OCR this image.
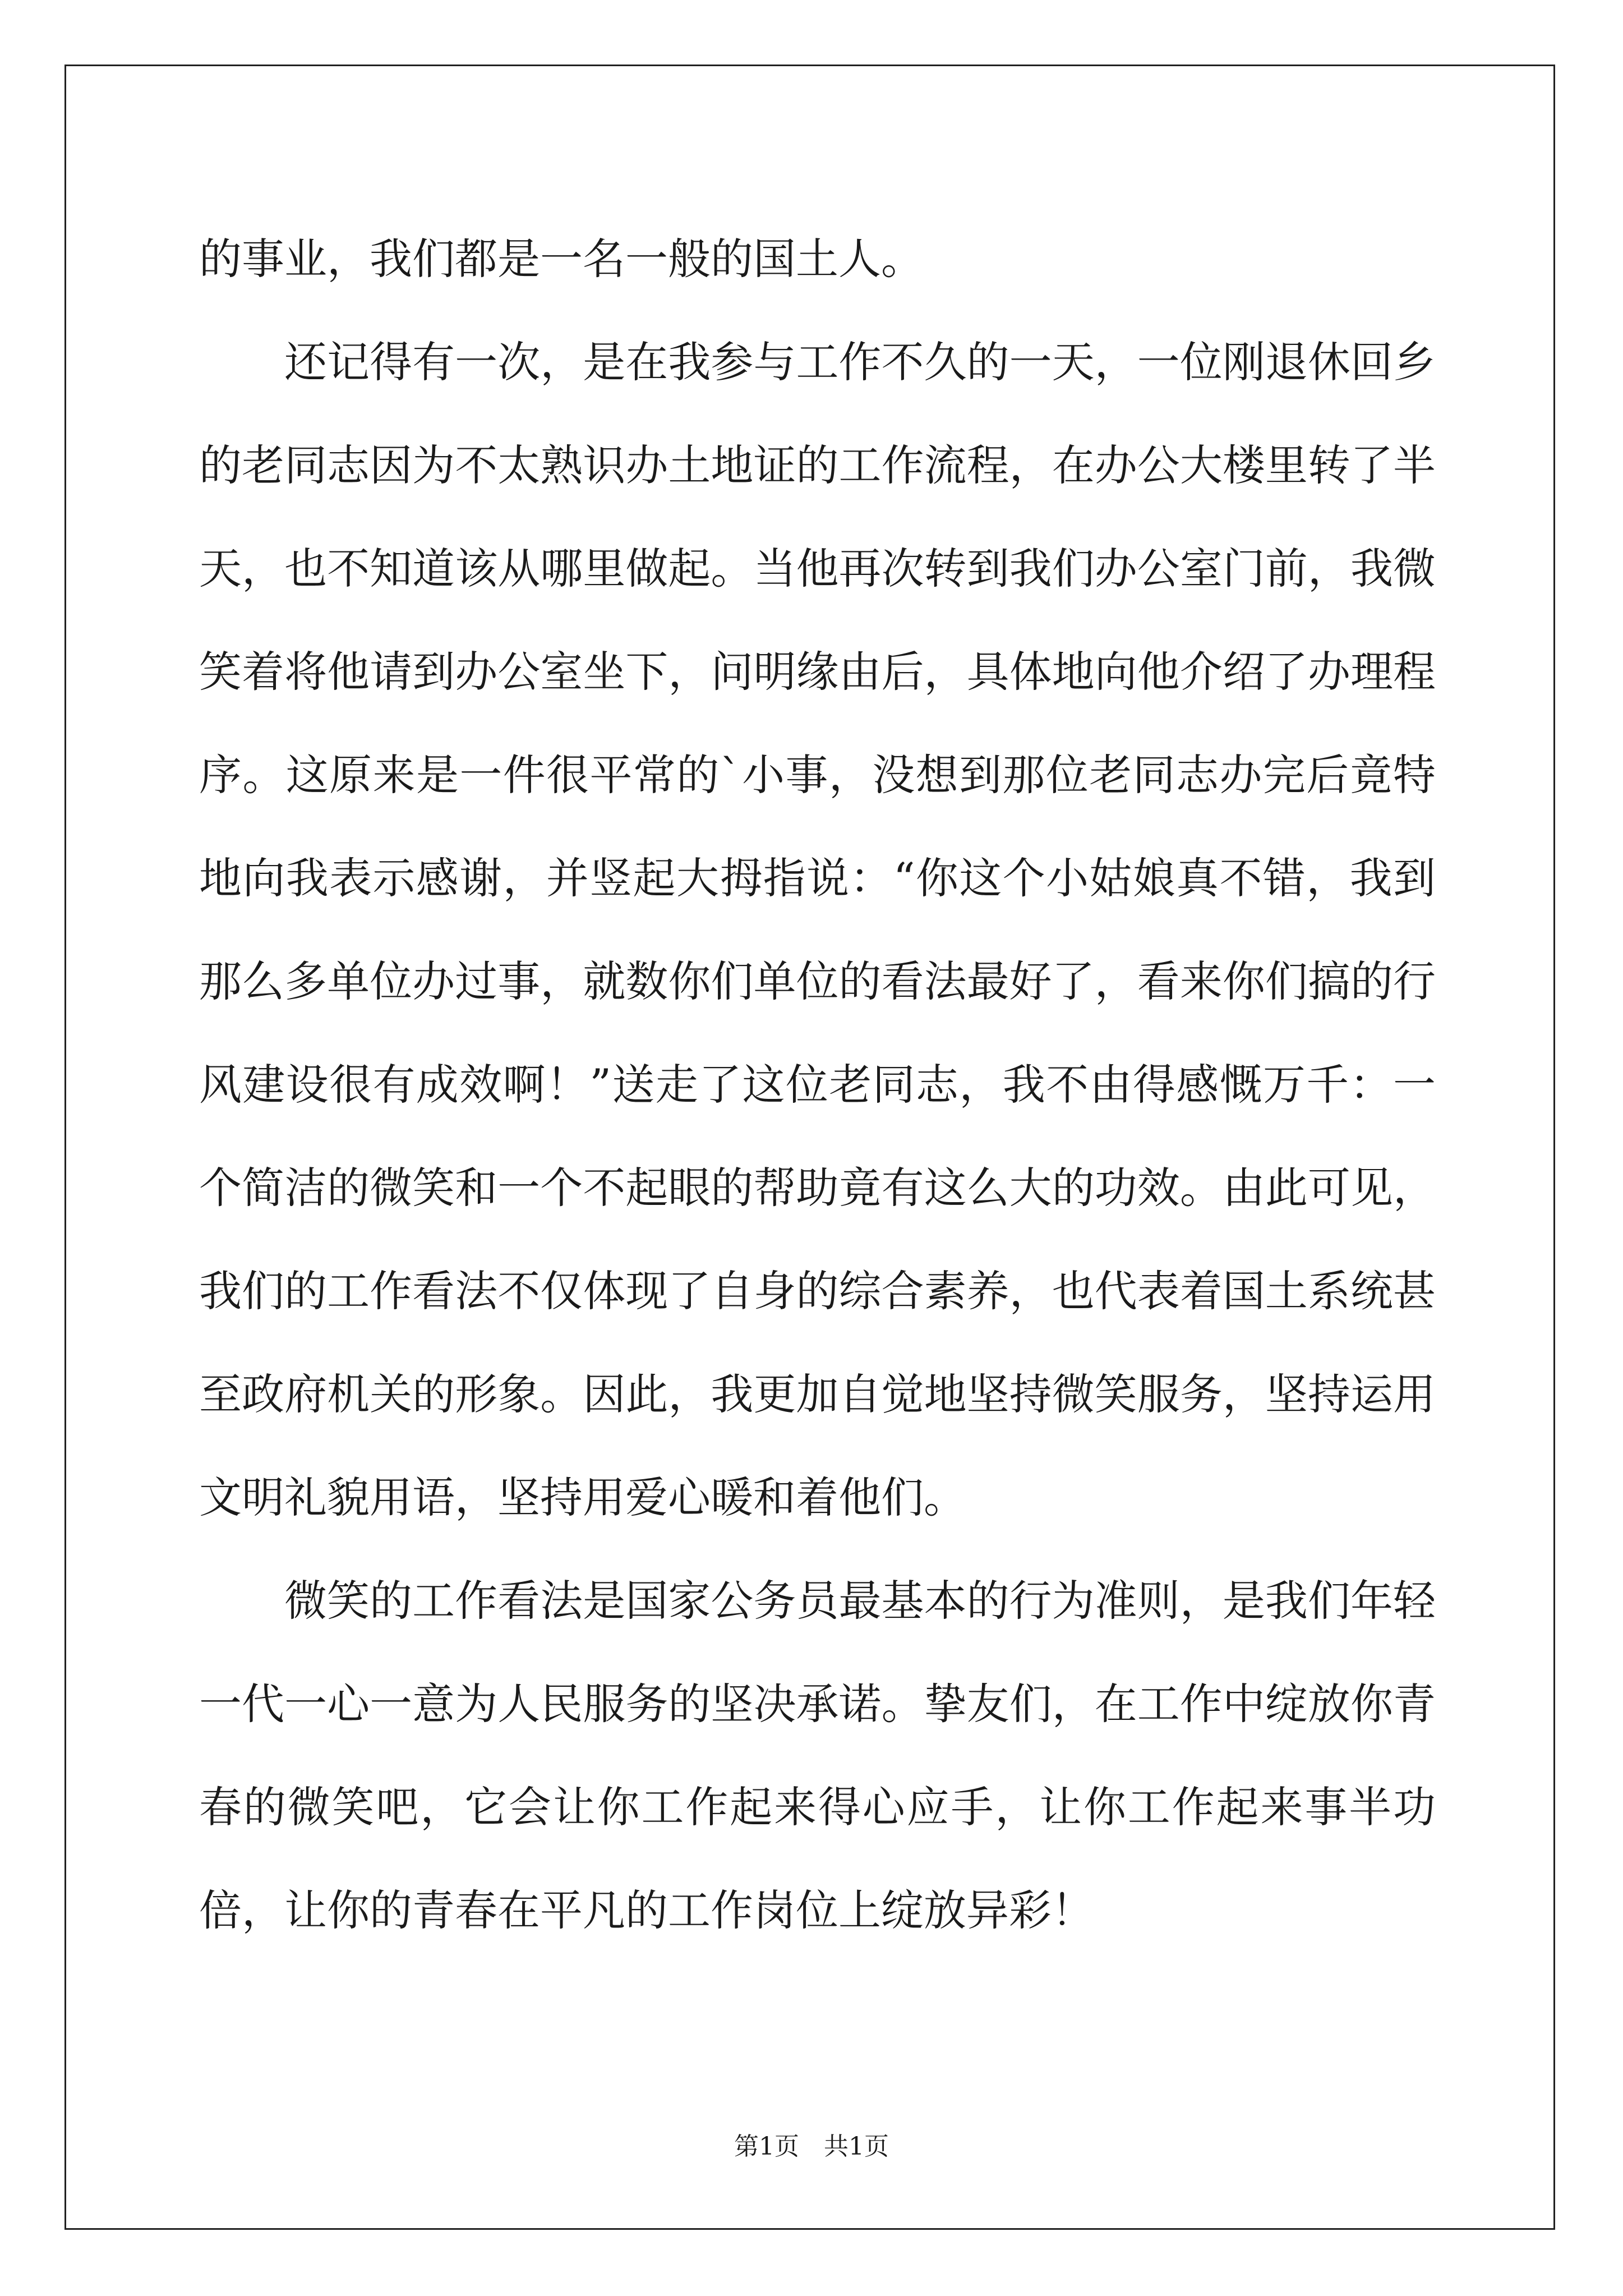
的事业，我们都是一名一般的国土人。

还记得有一次，是在我参与工作不久的一天，一位刚退休回乡的老同志因为不太熟识办土地证的工作流程，在办公大楼里转了半天，也不知道该从哪里做起。当他再次转到我们办公室门前，我微笑着将他请到办公室坐下，问明缘由后，具体地向他介绍了办理程序。这原来是一件很平常的`小事，没想到那位老同志办完后竟特地向我表示感谢，并竖起大拇指说：“你这个小姑娘真不错，我到那么多单位办过事，就数你们单位的看法最好了，看来你们搞的行风建设很有成效啊！”送走了这位老同志，我不由得感慨万千：一个简洁的微笑和一个不起眼的帮助竟有这么大的功效。由此可见，我们的工作看法不仅体现了自身的综合素养，也代表着国土系统甚至政府机关的形象。因此，我更加自觉地坚持微笑服务，坚持运用文明礼貌用语，坚持用爱心暖和着他们。

微笑的工作看法是国家公务员最基本的行为准则，是我们年轻一代一心一意为人民服务的坚决承诺。挚友们，在工作中绽放你青春的微笑吧，它会让你工作起来得心应手，让你工作起来事半功倍，让你的青春在平凡的工作岗位上绽放异彩！

第1页　共1页
